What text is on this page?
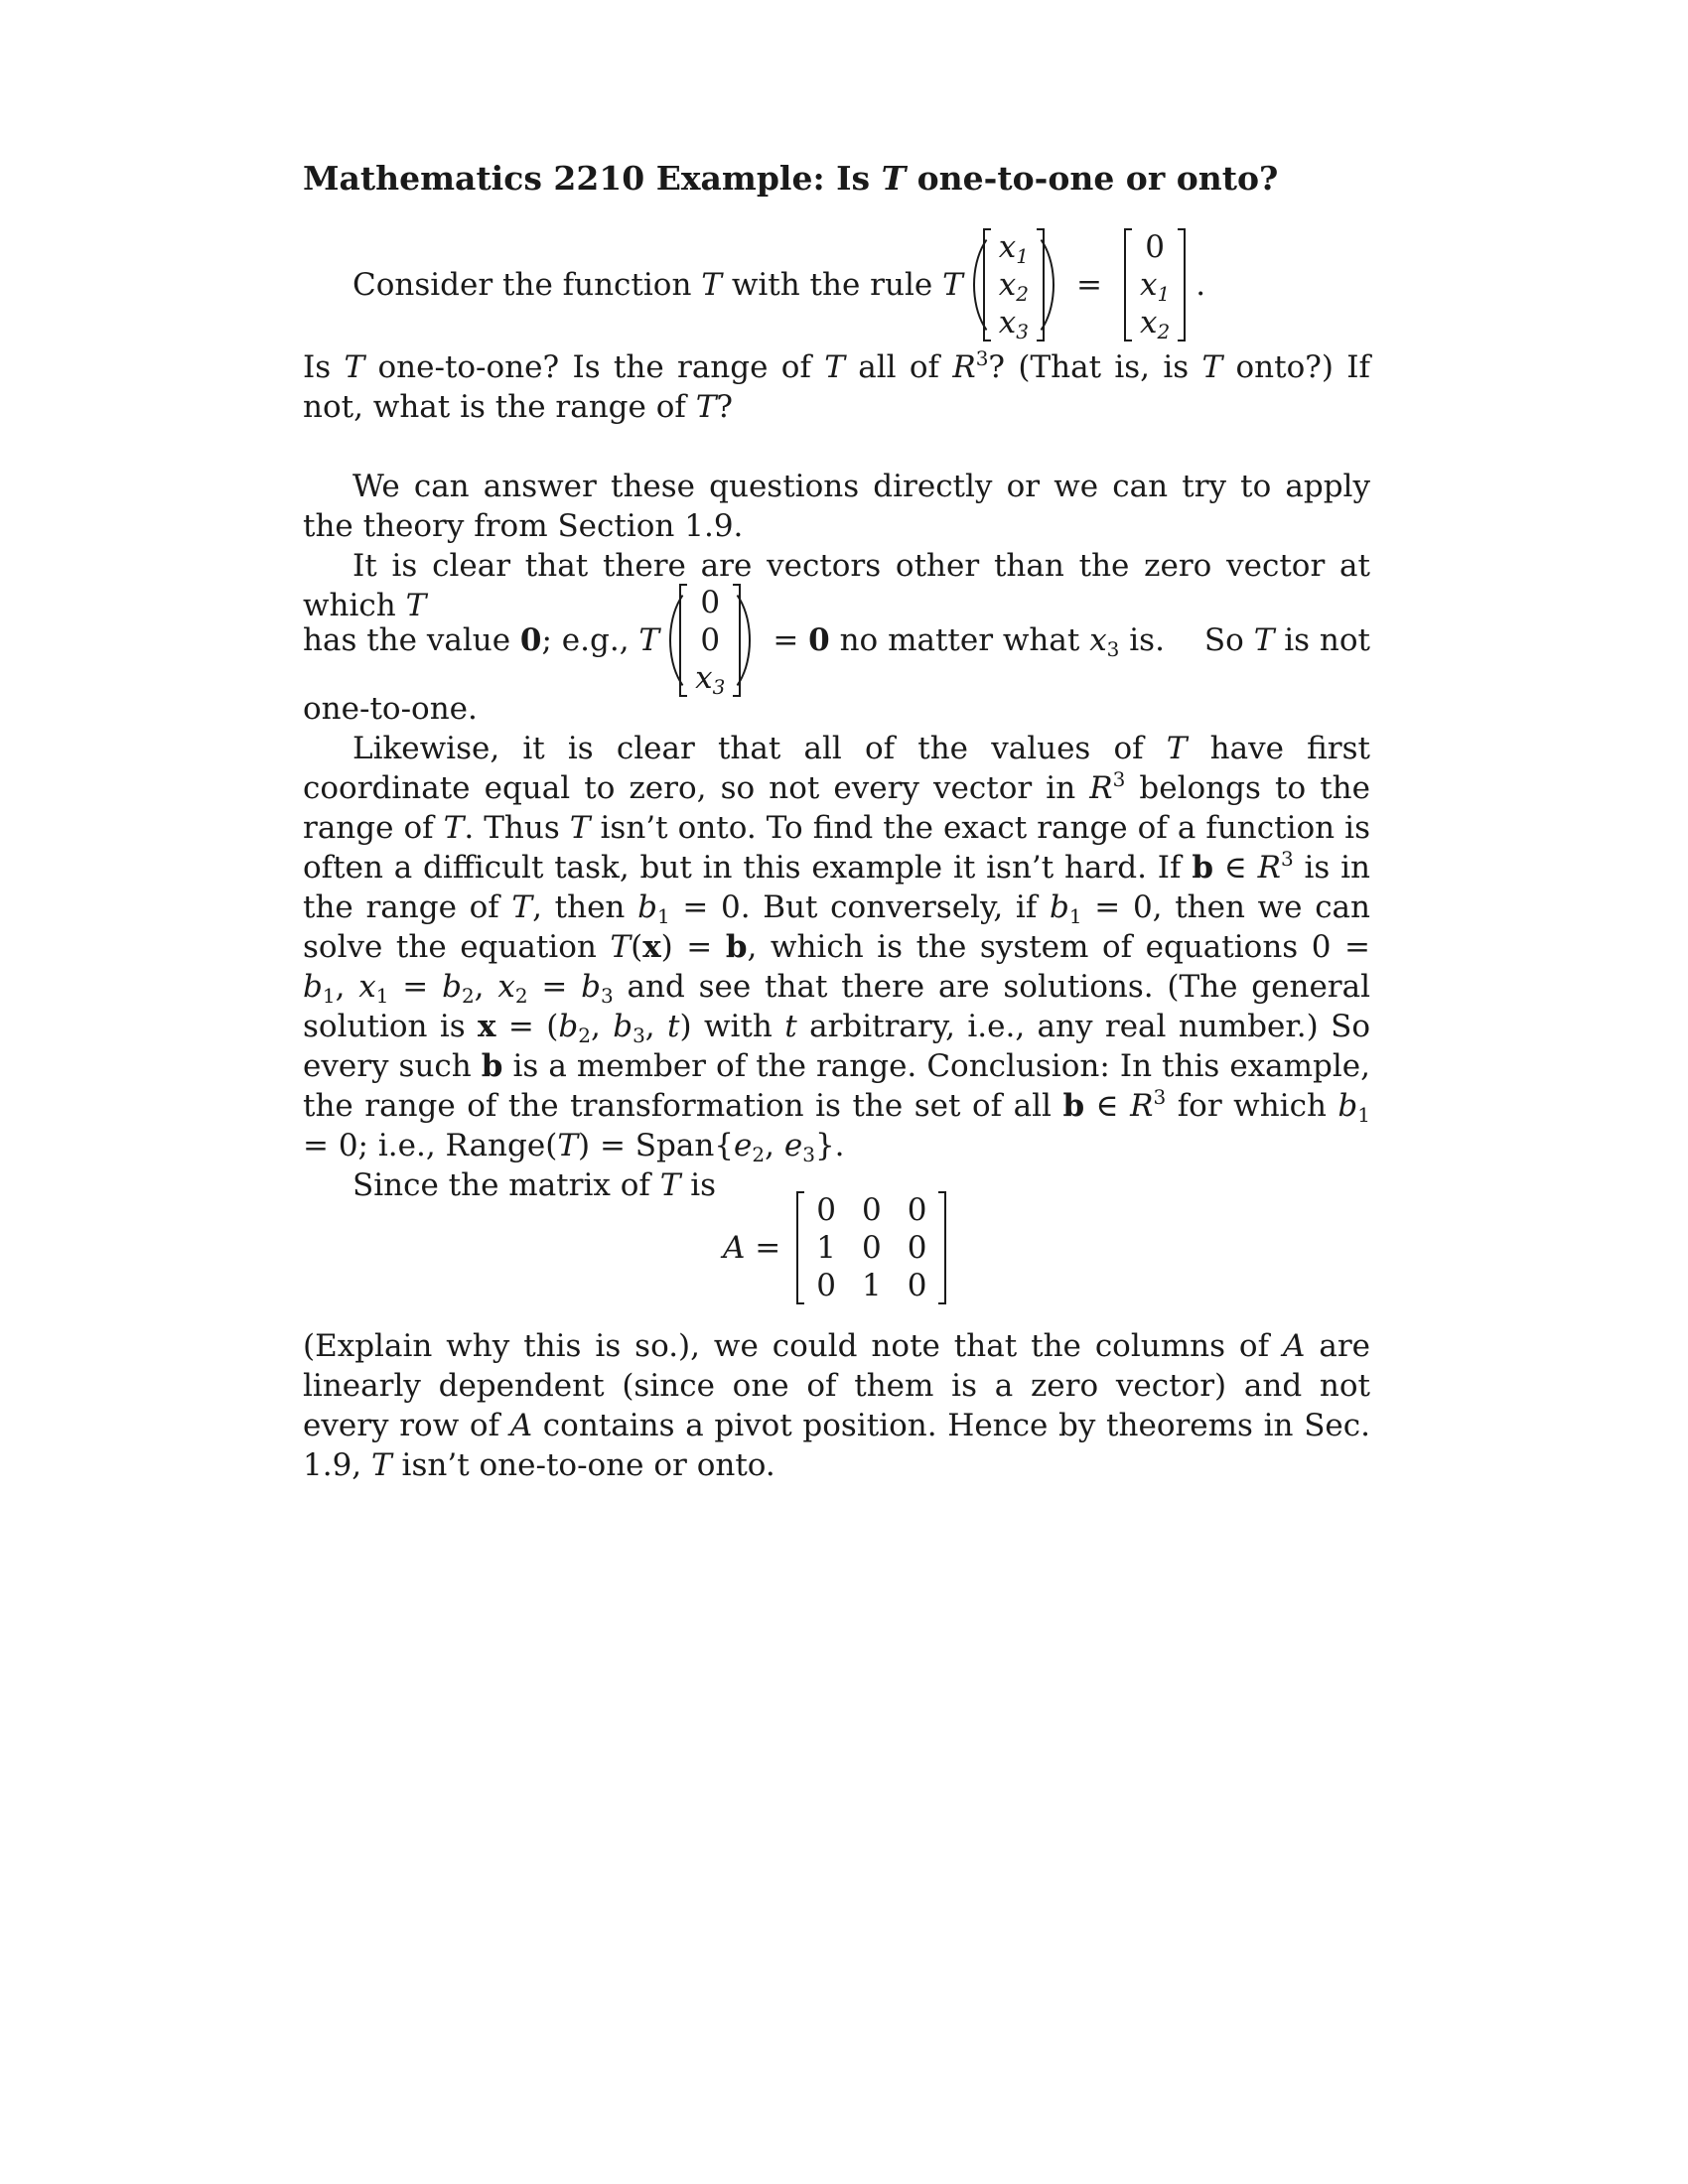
Mathematics 2210 Example: Is T one-to-one or onto?
Consider the function T with the rule T
$x_1$
$x_2$
$x_3$
=
0
$x_1$
$x_2$
.

Is T one-to-one? Is the range of T all of $R^3$? (That is, is T onto?) If not, what is the range of T?

We can answer these questions directly or we can try to apply the theory from Section 1.9.

It is clear that there are vectors other than the zero vector at which T

has the value 0; e.g., T
0
0
$x_3$
= 0 no matter what $x_3$ is. So T is not

one-to-one.

Likewise, it is clear that all of the values of T have first coordinate equal to zero, so not every vector in $R^3$ belongs to the range of T. Thus T isn’t onto. To find the exact range of a function is often a difficult task, but in this example it isn’t hard. If b ∈ $R^3$ is in the range of T, then $b_1 = 0$. But conversely, if $b_1 = 0$, then we can solve the equation T(x) = b, which is the system of equations $0 = b_1$, $x_1 = b_2$, $x_2 = b_3$ and see that there are solutions. (The general solution is $x = (b_2$, $b_3$, t) with t arbitrary, i.e., any real number.) So every such b is a member of the range. Conclusion: In this example, the range of the transformation is the set of all b ∈ $R^3$ for which $b_1 = 0$; i.e., Range(T) = $Span\{e_2$, $e_3$}.

Since the matrix of T is

A =
0 0 0
1 0 0
0 1 0

(Explain why this is so.), we could note that the columns of A are linearly dependent (since one of them is a zero vector) and not every row of A contains a pivot position. Hence by theorems in Sec. 1.9, T isn’t one-to-one or onto.
